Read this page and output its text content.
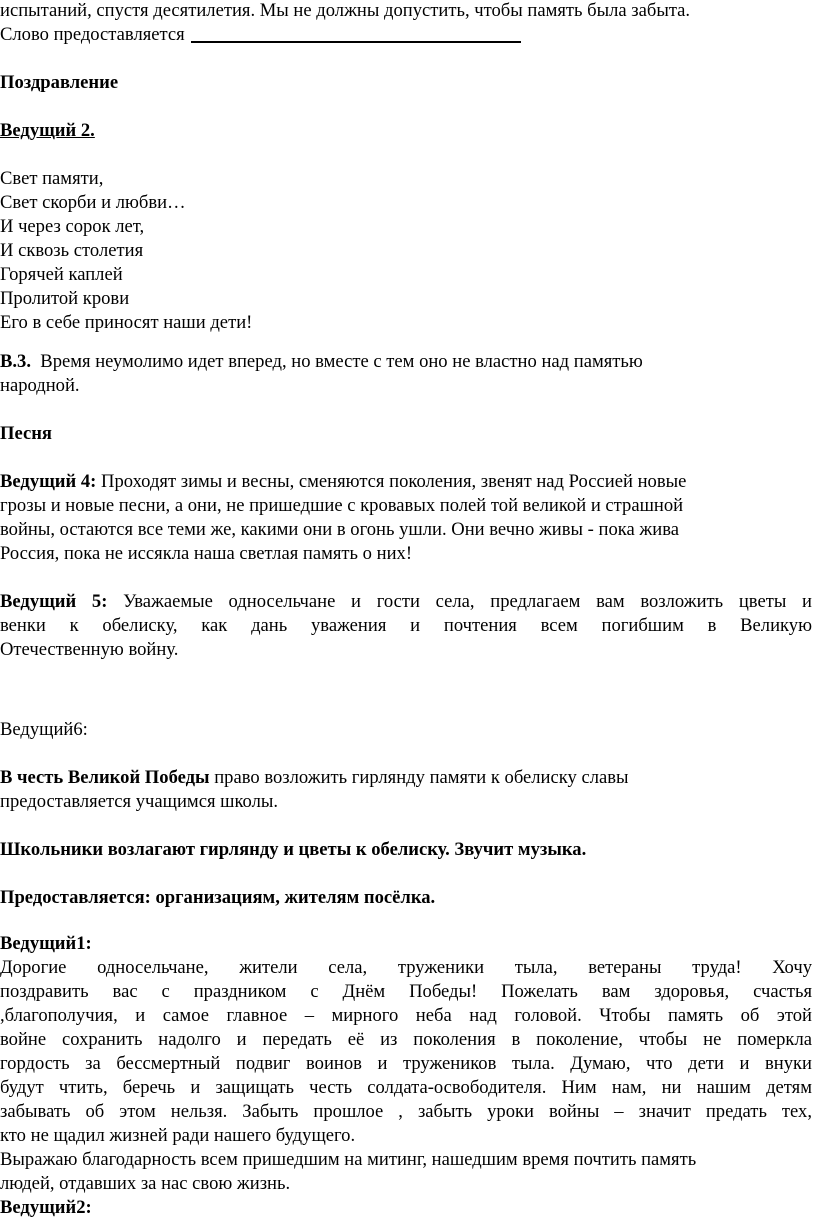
испытаний, спустя десятилетия. Мы не должны допустить, чтобы память была забыта.
Слово предоставляется

Поздравление

Ведущий 2.

Свет памяти,
Свет скорби и любви…
И через сорок лет,
И сквозь столетия
Горячей каплей
Пролитой крови
Его в себе приносят наши дети!

В.3. Время неумолимо идет вперед, но вместе с тем оно не властно над памятью
народной.

Песня

Ведущий 4: Проходят зимы и весны, сменяются поколения, звенят над Россией новые
грозы и новые песни, а они, не пришедшие с кровавых полей той великой и страшной
войны, остаются все теми же, какими они в огонь ушли. Они вечно живы - пока жива
Россия, пока не иссякла наша светлая память о них!

Ведущий 5: Уважаемые односельчане и гости села, предлагаем вам возложить цветы и
венки к обелиску, как дань уважения и почтения всем погибшим в Великую
Отечественную войну.

Ведущий6:

В честь Великой Победы право возложить гирлянду памяти к обелиску славы
предоставляется учащимся школы.

Школьники возлагают гирлянду и цветы к обелиску. Звучит музыка.

Предоставляется: организациям, жителям посёлка.

Ведущий1:
Дорогие односельчане, жители села, труженики тыла, ветераны труда! Хочу
поздравить вас с праздником с Днём Победы! Пожелать вам здоровья, счастья
,благополучия, и самое главное – мирного неба над головой. Чтобы память об этой
войне сохранить надолго и передать её из поколения в поколение, чтобы не померкла
гордость за бессмертный подвиг воинов и тружеников тыла. Думаю, что дети и внуки
будут чтить, беречь и защищать честь солдата-освободителя. Ним нам, ни нашим детям
забывать об этом нельзя. Забыть прошлое , забыть уроки войны – значит предать тех,
кто не щадил жизней ради нашего будущего.
Выражаю благодарность всем пришедшим на митинг, нашедшим время почтить память
людей, отдавших за нас свою жизнь.
Ведущий2:
